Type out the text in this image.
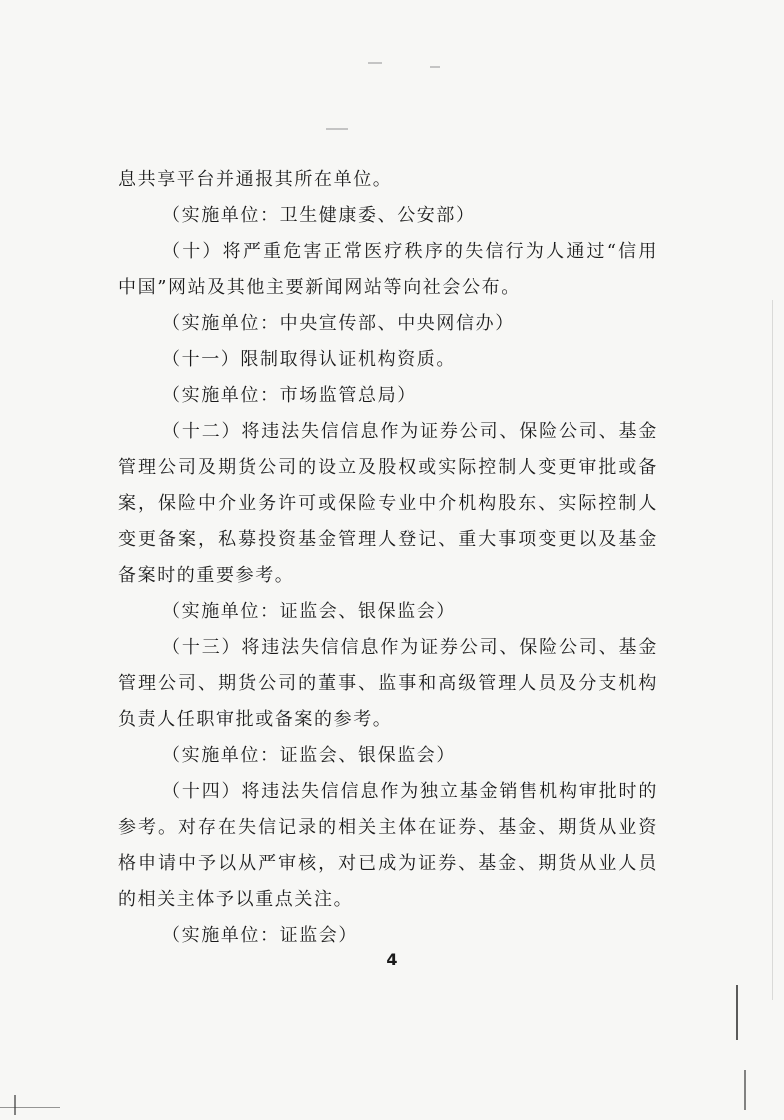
息共享平台并通报其所在单位。

（实施单位：卫生健康委、公安部）

（十）将严重危害正常医疗秩序的失信行为人通过“信用中国”网站及其他主要新闻网站等向社会公布。

（实施单位：中央宣传部、中央网信办）

（十一）限制取得认证机构资质。

（实施单位：市场监管总局）

（十二）将违法失信信息作为证券公司、保险公司、基金管理公司及期货公司的设立及股权或实际控制人变更审批或备案，保险中介业务许可或保险专业中介机构股东、实际控制人变更备案，私募投资基金管理人登记、重大事项变更以及基金备案时的重要参考。

（实施单位：证监会、银保监会）

（十三）将违法失信信息作为证券公司、保险公司、基金管理公司、期货公司的董事、监事和高级管理人员及分支机构负责人任职审批或备案的参考。

（实施单位：证监会、银保监会）

（十四）将违法失信信息作为独立基金销售机构审批时的参考。对存在失信记录的相关主体在证券、基金、期货从业资格申请中予以从严审核，对已成为证券、基金、期货从业人员的相关主体予以重点关注。

（实施单位：证监会）

4
